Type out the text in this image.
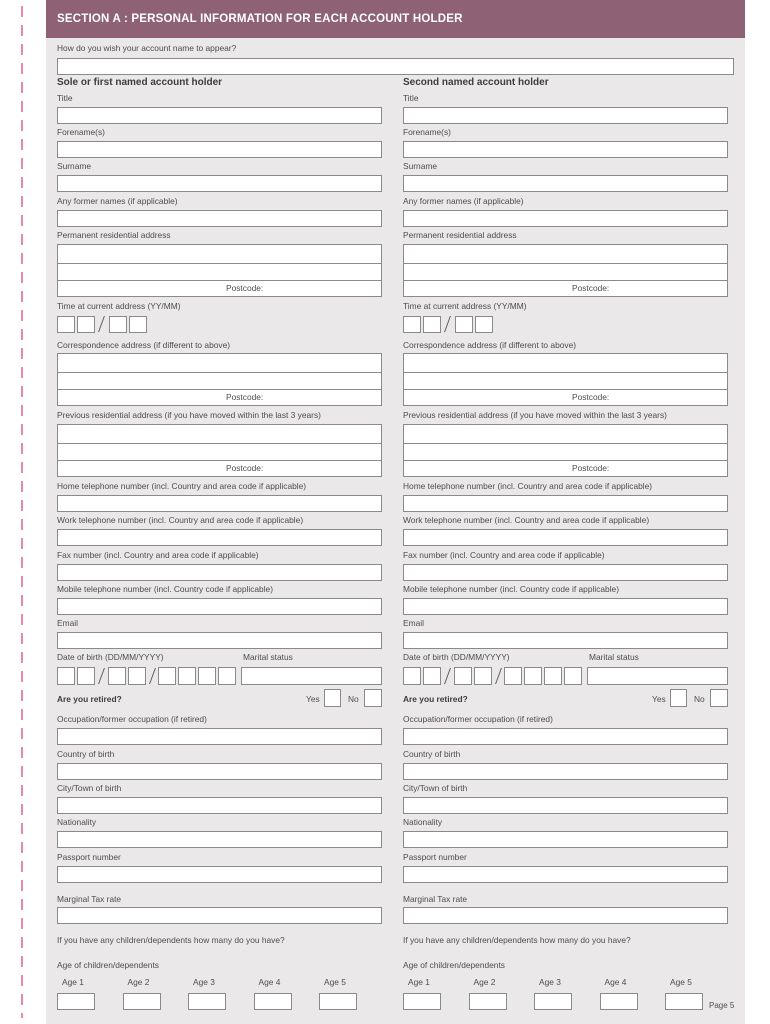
SECTION A : PERSONAL INFORMATION FOR EACH ACCOUNT HOLDER
How do you wish your account name to appear?
Page 5
Sole or first named account holder
Title
Forename(s)
Surname
Any former names (if applicable)
Permanent residential address
Postcode:
Time at current address (YY/MM)
Correspondence address (if different to above)
Postcode:
Previous residential address (if you have moved within the last 3 years)
Postcode:
Home telephone number (incl. Country and area code if applicable)
Work telephone number (incl. Country and area code if applicable)
Fax number (incl. Country and area code if applicable)
Mobile telephone number (incl. Country code if applicable)
Email
Date of birth (DD/MM/YYYY)	Marital status
Are you retired?	Yes	No
Occupation/former occupation (if retired)
Country of birth
City/Town of birth
Nationality
Passport number
Marginal Tax rate
If you have any children/dependents how many do you have?
Age of children/dependents
Age 1	Age 2	Age 3	Age 4	Age 5
Second named account holder
Title
Forename(s)
Surname
Any former names (if applicable)
Permanent residential address
Postcode:
Time at current address (YY/MM)
Correspondence address (if different to above)
Postcode:
Previous residential address (if you have moved within the last 3 years)
Postcode:
Home telephone number (incl. Country and area code if applicable)
Work telephone number (incl. Country and area code if applicable)
Fax number (incl. Country and area code if applicable)
Mobile telephone number (incl. Country code if applicable)
Email
Date of birth (DD/MM/YYYY)	Marital status
Are you retired?	Yes	No
Occupation/former occupation (if retired)
Country of birth
City/Town of birth
Nationality
Passport number
Marginal Tax rate
If you have any children/dependents how many do you have?
Age of children/dependents
Age 1	Age 2	Age 3	Age 4	Age 5
